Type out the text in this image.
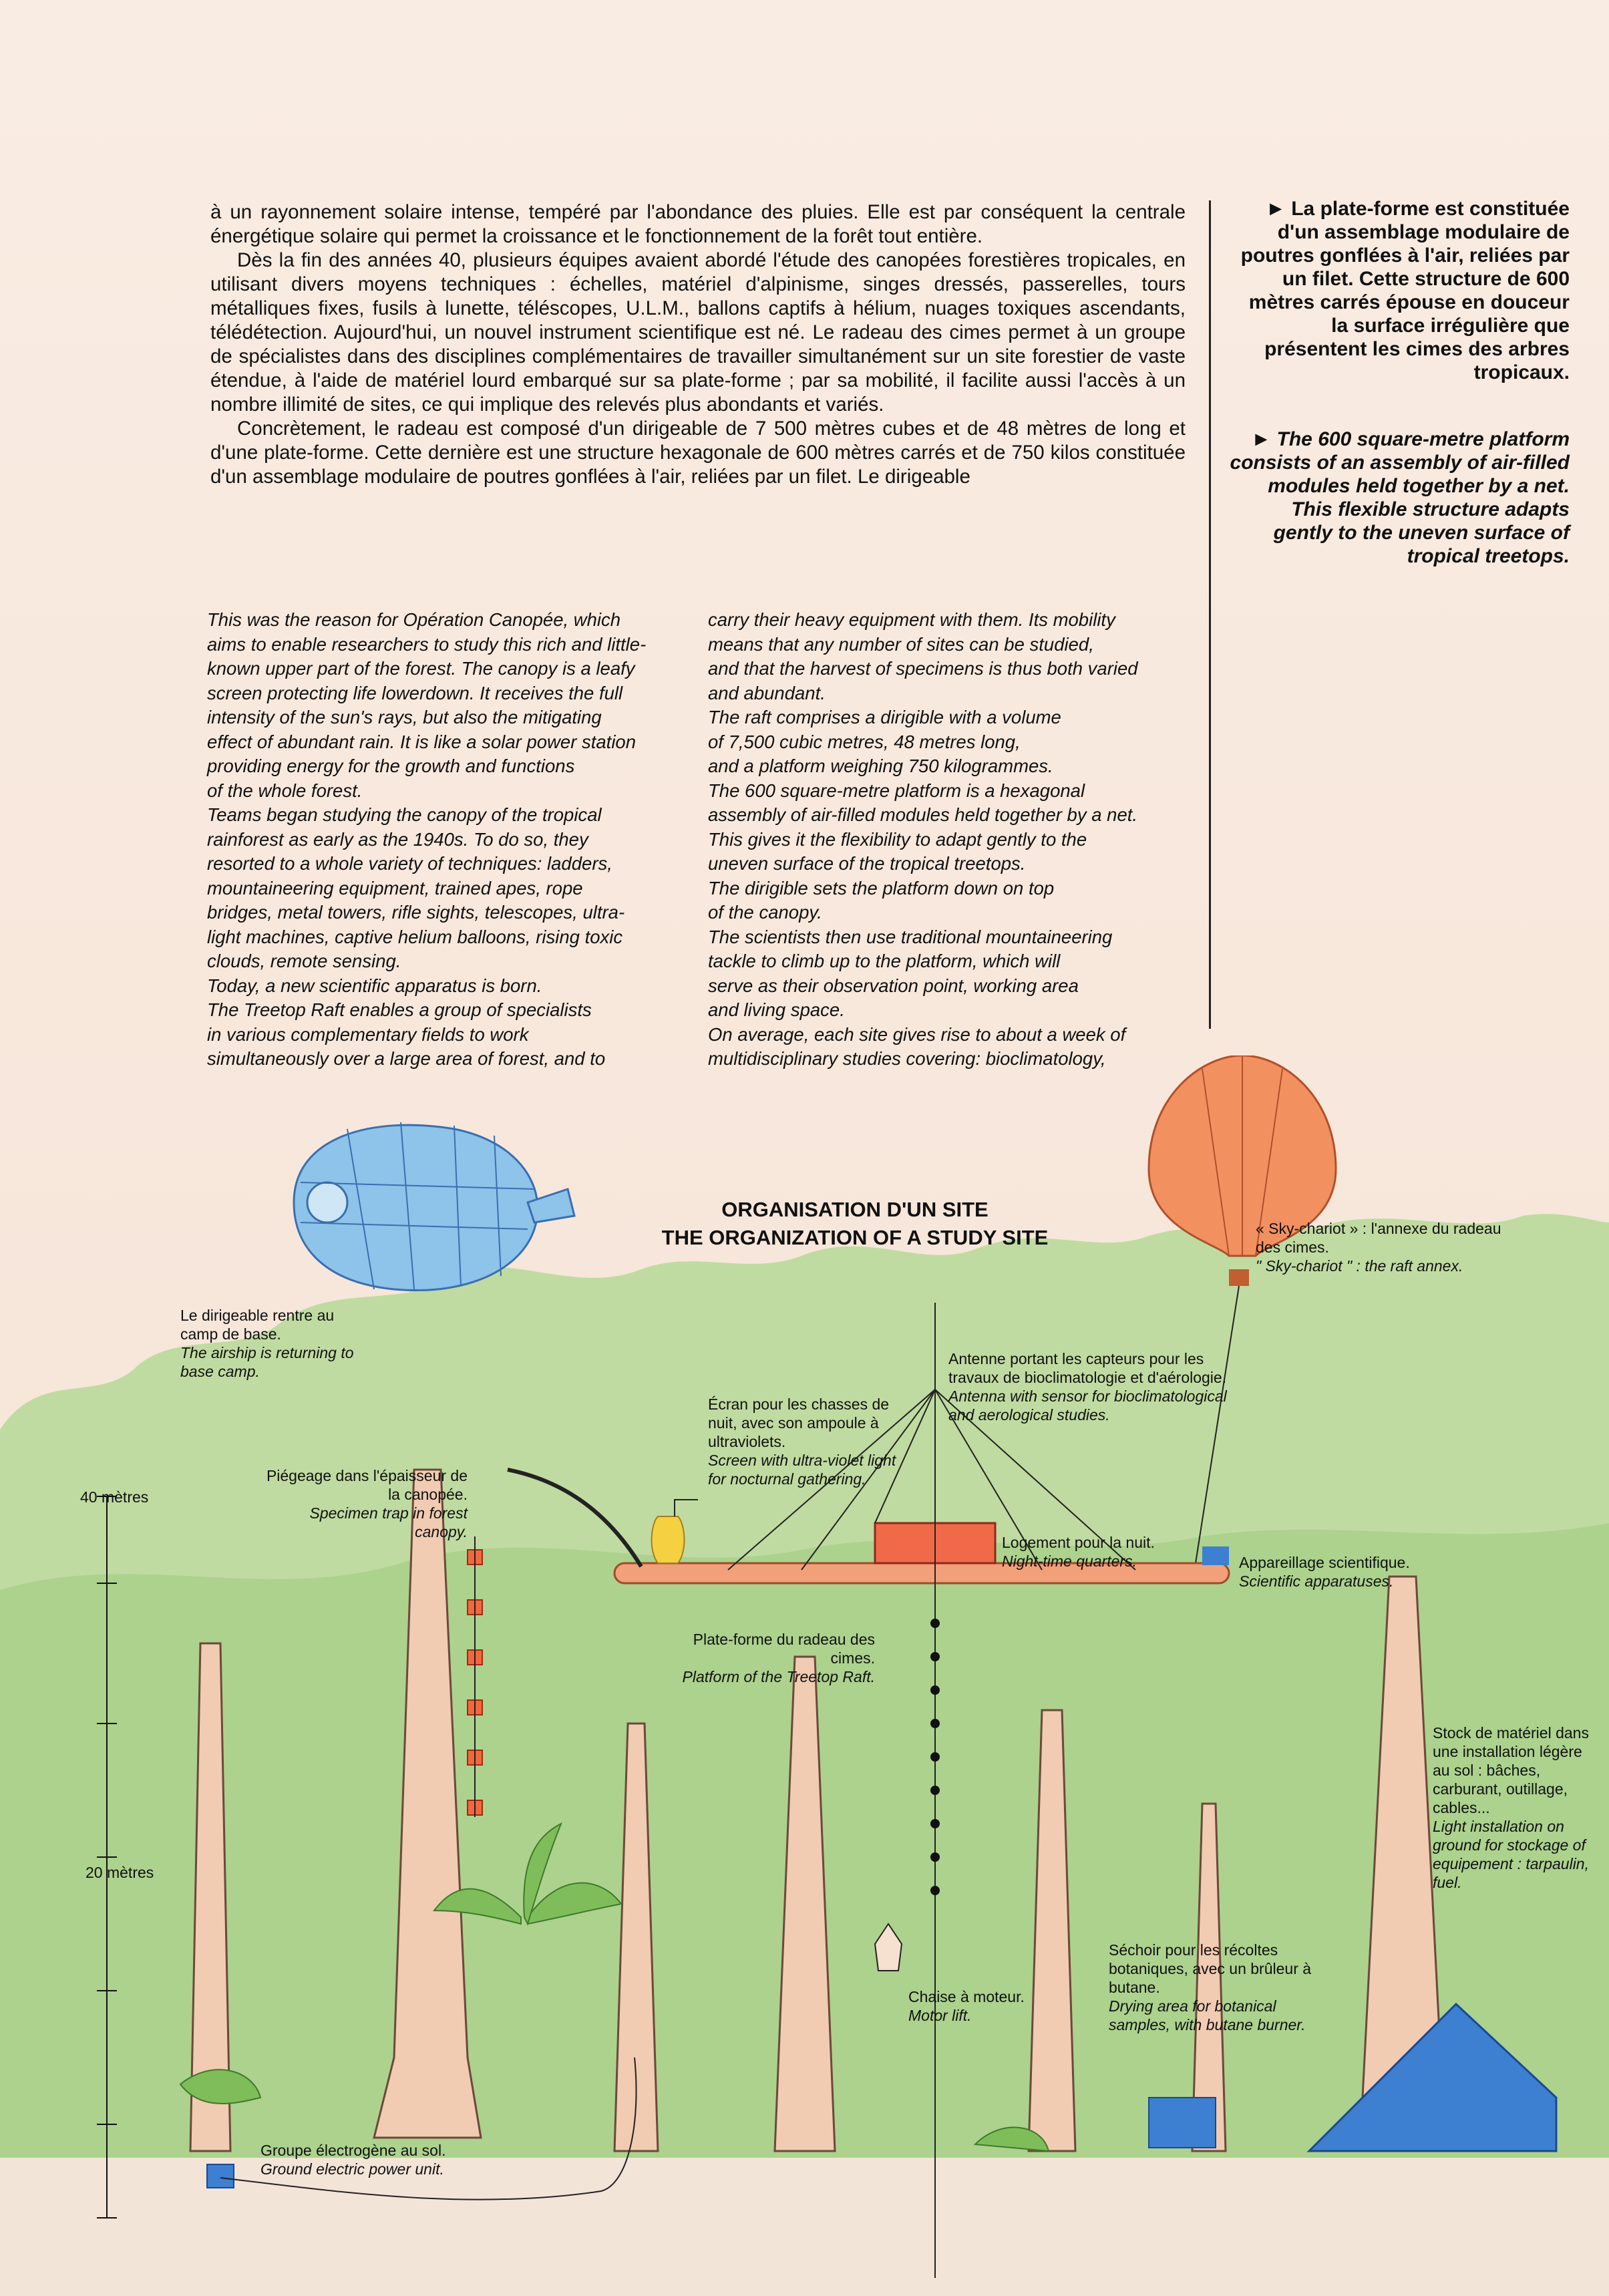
à un rayonnement solaire intense, tempéré par l'abondance des pluies. Elle est par conséquent la centrale énergétique solaire qui permet la croissance et le fonctionnement de la forêt tout entière.

Dès la fin des années 40, plusieurs équipes avaient abordé l'étude des canopées forestières tropicales, en utilisant divers moyens techniques : échelles, matériel d'alpinisme, singes dressés, passerelles, tours métalliques fixes, fusils à lunette, téléscopes, U.L.M., ballons captifs à hélium, nuages toxiques ascendants, télédétection. Aujourd'hui, un nouvel instrument scientifique est né. Le radeau des cimes permet à un groupe de spécialistes dans des disciplines complémentaires de travailler simultanément sur un site forestier de vaste étendue, à l'aide de matériel lourd embarqué sur sa plate-forme ; par sa mobilité, il facilite aussi l'accès à un nombre illimité de sites, ce qui implique des relevés plus abondants et variés.

Concrètement, le radeau est composé d'un dirigeable de 7 500 mètres cubes et de 48 mètres de long et d'une plate-forme. Cette dernière est une structure hexagonale de 600 mètres carrés et de 750 kilos constituée d'un assemblage modulaire de poutres gonflées à l'air, reliées par un filet. Le dirigeable

► La plate-forme est constituée d'un assemblage modulaire de poutres gonflées à l'air, reliées par un filet. Cette structure de 600 mètres carrés épouse en douceur la surface irrégulière que présentent les cimes des arbres tropicaux.
► The 600 square-metre platform consists of an assembly of air-filled modules held together by a net. This flexible structure adapts gently to the uneven surface of tropical treetops.

This was the reason for Opération Canopée, which

aims to enable researchers to study this rich and little-

known upper part of the forest. The canopy is a leafy

screen protecting life lowerdown. It receives the full

intensity of the sun's rays, but also the mitigating

effect of abundant rain. It is like a solar power station

providing energy for the growth and functions

of the whole forest.

Teams began studying the canopy of the tropical

rainforest as early as the 1940s. To do so, they

resorted to a whole variety of techniques: ladders,

mountaineering equipment, trained apes, rope

bridges, metal towers, rifle sights, telescopes, ultra-

light machines, captive helium balloons, rising toxic

clouds, remote sensing.

Today, a new scientific apparatus is born.

The Treetop Raft enables a group of specialists

in various complementary fields to work

simultaneously over a large area of forest, and to

carry their heavy equipment with them. Its mobility

means that any number of sites can be studied,

and that the harvest of specimens is thus both varied

and abundant.

The raft comprises a dirigible with a volume

of 7,500 cubic metres, 48 metres long,

and a platform weighing 750 kilogrammes.

The 600 square-metre platform is a hexagonal

assembly of air-filled modules held together by a net.

This gives it the flexibility to adapt gently to the

uneven surface of the tropical treetops.

The dirigible sets the platform down on top

of the canopy.

The scientists then use traditional mountaineering

tackle to climb up to the platform, which will

serve as their observation point, working area

and living space.

On average, each site gives rise to about a week of

multidisciplinary studies covering: bioclimatology,

ORGANISATION D'UN SITE
THE ORGANIZATION OF A STUDY SITE
40 mètres
20 mètres
« Sky-chariot » : l'annexe du radeau des cimes.
" Sky-chariot " : the raft annex.
Le dirigeable rentre au camp de base.
The airship is returning to base camp.
Antenne portant les capteurs pour les travaux de bioclimatologie et d'aérologie.
Antenna with sensor for bioclimatological and aerological studies.
Écran pour les chasses de nuit, avec son ampoule à ultraviolets.
Screen with ultra-violet light for nocturnal gathering.
Piégeage dans l'épaisseur de la canopée.
Specimen trap in forest canopy.
Logement pour la nuit.
Night-time quarters.	Appareillage scientifique.
Scientific apparatuses.
Plate-forme du radeau des cimes.
Platform of the Treetop Raft.
Stock de matériel dans une installation légère au sol : bâches, carburant, outillage, cables...
Light installation on ground for stockage of equipement : tarpaulin, fuel.
Séchoir pour les récoltes botaniques, avec un brûleur à butane.
Drying area for botanical samples, with butane burner.
Chaise à moteur.
Motor lift.
Groupe électrogène au sol.
Ground electric power unit.
